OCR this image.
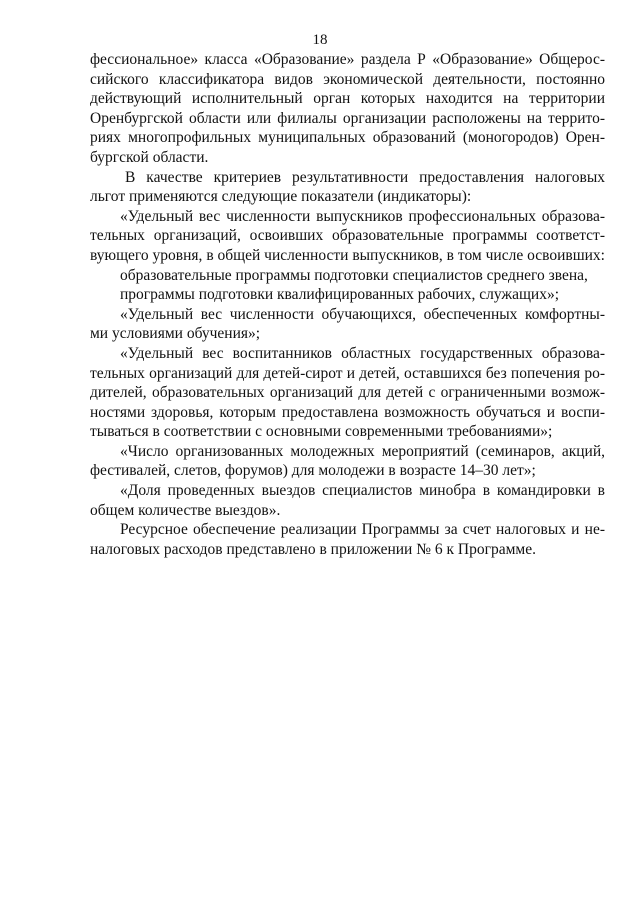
18
фессиональное» класса «Образование» раздела Р «Образование» Общерос-
сийского классификатора видов экономической деятельности, постоянно
действующий исполнительный орган которых находится на территории
Оренбургской области или филиалы организации расположены на террито-
риях многопрофильных муниципальных образований (моногородов) Орен-
бургской области.
В качестве критериев результативности предоставления налоговых
льгот применяются следующие показатели (индикаторы):
«Удельный вес численности выпускников профессиональных образова-
тельных организаций, освоивших образовательные программы соответст-
вующего уровня, в общей численности выпускников, в том числе освоивших:
образовательные программы подготовки специалистов среднего звена,
программы подготовки квалифицированных рабочих, служащих»;
«Удельный вес численности обучающихся, обеспеченных комфортны-
ми условиями обучения»;
«Удельный вес воспитанников областных государственных образова-
тельных организаций для детей-сирот и детей, оставшихся без попечения ро-
дителей, образовательных организаций для детей с ограниченными возмож-
ностями здоровья, которым предоставлена возможность обучаться и воспи-
тываться в соответствии с основными современными требованиями»;
«Число организованных молодежных мероприятий (семинаров, акций,
фестивалей, слетов, форумов) для молодежи в возрасте 14–30 лет»;
«Доля проведенных выездов специалистов минобра в командировки в
общем количестве выездов».
Ресурсное обеспечение реализации Программы за счет налоговых и не-
налоговых расходов представлено в приложении № 6 к Программе.
